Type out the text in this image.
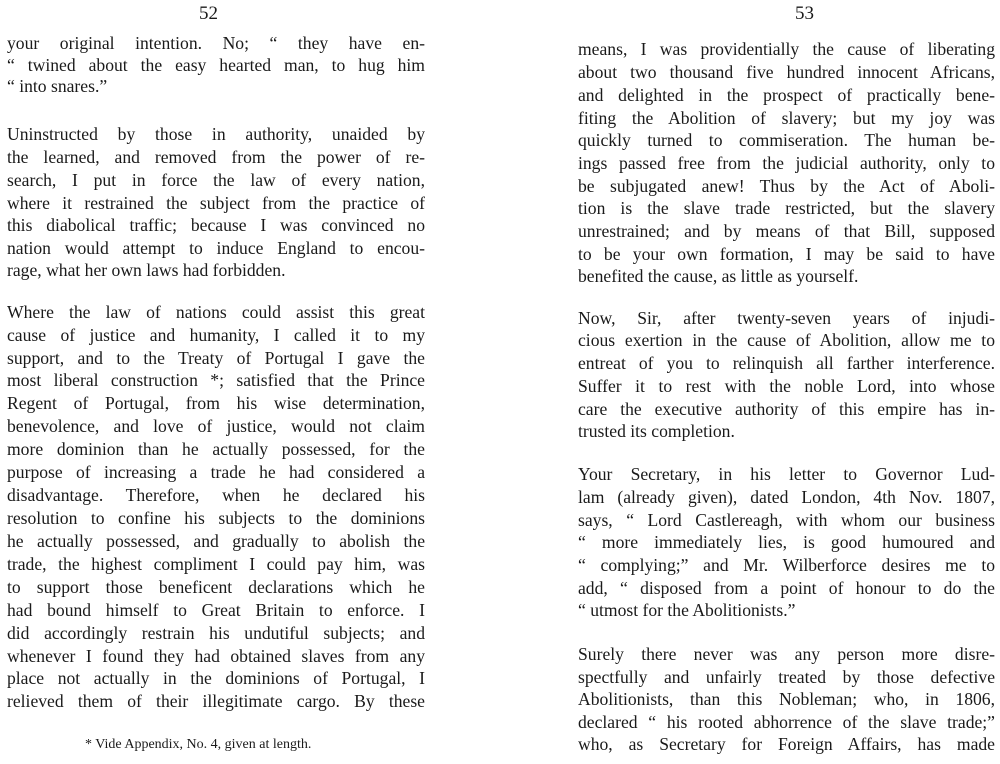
52
your original intention. No; “ they have en-
“ twined about the easy hearted man, to hug him
“ into snares.”
Uninstructed by those in authority, unaided by
the learned, and removed from the power of re-
search, I put in force the law of every nation,
where it restrained the subject from the practice of
this diabolical traffic; because I was convinced no
nation would attempt to induce England to encou-
rage, what her own laws had forbidden.
Where the law of nations could assist this great
cause of justice and humanity, I called it to my
support, and to the Treaty of Portugal I gave the
most liberal construction *; satisfied that the Prince
Regent of Portugal, from his wise determination,
benevolence, and love of justice, would not claim
more dominion than he actually possessed, for the
purpose of increasing a trade he had considered a
disadvantage. Therefore, when he declared his
resolution to confine his subjects to the dominions
he actually possessed, and gradually to abolish the
trade, the highest compliment I could pay him, was
to support those beneficent declarations which he
had bound himself to Great Britain to enforce. I
did accordingly restrain his undutiful subjects; and
whenever I found they had obtained slaves from any
place not actually in the dominions of Portugal, I
relieved them of their illegitimate cargo. By these
* Vide Appendix, No. 4, given at length.
53
means, I was providentially the cause of liberating
about two thousand five hundred innocent Africans,
and delighted in the prospect of practically bene-
fiting the Abolition of slavery; but my joy was
quickly turned to commiseration. The human be-
ings passed free from the judicial authority, only to
be subjugated anew! Thus by the Act of Aboli-
tion is the slave trade restricted, but the slavery
unrestrained; and by means of that Bill, supposed
to be your own formation, I may be said to have
benefited the cause, as little as yourself.
Now, Sir, after twenty-seven years of injudi-
cious exertion in the cause of Abolition, allow me to
entreat of you to relinquish all farther interference.
Suffer it to rest with the noble Lord, into whose
care the executive authority of this empire has in-
trusted its completion.
Your Secretary, in his letter to Governor Lud-
lam (already given), dated London, 4th Nov. 1807,
says, “ Lord Castlereagh, with whom our business
“ more immediately lies, is good humoured and
“ complying;” and Mr. Wilberforce desires me to
add, “ disposed from a point of honour to do the
“ utmost for the Abolitionists.”
Surely there never was any person more disre-
spectfully and unfairly treated by those defective
Abolitionists, than this Nobleman; who, in 1806,
declared “ his rooted abhorrence of the slave trade;”
who, as Secretary for Foreign Affairs, has made
